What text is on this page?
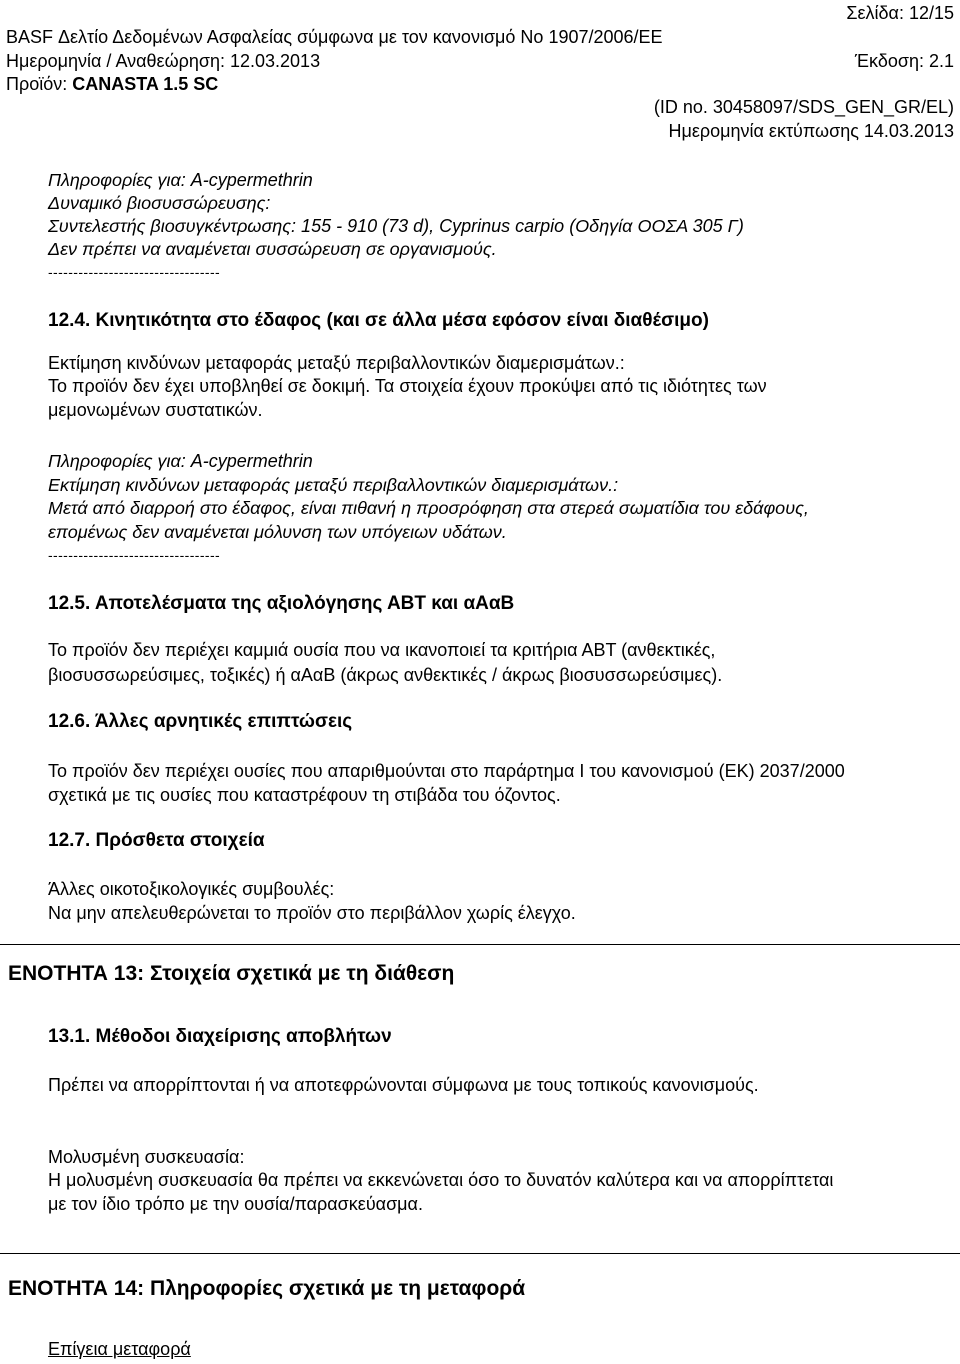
Σελίδα: 12/15
BASF Δελτίο Δεδομένων Ασφαλείας σύμφωνα με τον κανονισμό Νο 1907/2006/ΕΕ
Ημερομηνία / Αναθεώρηση: 12.03.2013	Έκδοση: 2.1
Προϊόν: CANASTA 1.5 SC
(ID no. 30458097/SDS_GEN_GR/EL)
Ημερομηνία εκτύπωσης 14.03.2013
Πληροφορίες για: A-cypermethrin
Δυναμικό βιοσυσσώρευσης:
Συντελεστής βιοσυγκέντρωσης: 155 - 910 (73 d), Cyprinus carpio (Οδηγία ΟΟΣΑ 305 Γ)
Δεν πρέπει να αναμένεται συσσώρευση σε οργανισμούς.
----------------------------------
12.4. Κινητικότητα στο έδαφος (και σε άλλα μέσα εφόσον είναι διαθέσιμο)
Εκτίμηση κινδύνων μεταφοράς μεταξύ περιβαλλοντικών διαμερισμάτων.:
Το προϊόν δεν έχει υποβληθεί σε δοκιμή. Τα στοιχεία έχουν προκύψει από τις ιδιότητες των
μεμονωμένων συστατικών.
Πληροφορίες για: A-cypermethrin
Εκτίμηση κινδύνων μεταφοράς μεταξύ περιβαλλοντικών διαμερισμάτων.:
Μετά από διαρροή στο έδαφος, είναι πιθανή η προσρόφηση στα στερεά σωματίδια του εδάφους,
επομένως δεν αναμένεται μόλυνση των υπόγειων υδάτων.
----------------------------------
12.5. Αποτελέσματα της αξιολόγησης ΑΒΤ και αΑαΒ
Το προϊόν δεν περιέχει καμμιά ουσία που να ικανοποιεί τα κριτήρια ΑΒΤ (ανθεκτικές,
βιοσυσσωρεύσιμες, τοξικές) ή αΑαΒ (άκρως ανθεκτικές / άκρως βιοσυσσωρεύσιμες).
12.6. Άλλες αρνητικές επιπτώσεις
Το προϊόν δεν περιέχει ουσίες που απαριθμούνται στο παράρτημα Ι του κανονισμού (ΕΚ) 2037/2000
σχετικά με τις ουσίες που καταστρέφουν τη στιβάδα του όζοντος.
12.7. Πρόσθετα στοιχεία
Άλλες οικοτοξικολογικές συμβουλές:
Να μην απελευθερώνεται το προϊόν στο περιβάλλον χωρίς έλεγχο.
ΕΝΟΤΗΤΑ 13: Στοιχεία σχετικά με τη διάθεση
13.1. Μέθοδοι διαχείρισης αποβλήτων
Πρέπει να απορρίπτονται ή να αποτεφρώνονται σύμφωνα με τους τοπικούς κανονισμούς.
Μολυσμένη συσκευασία:
Η μολυσμένη συσκευασία θα πρέπει να εκκενώνεται όσο το δυνατόν καλύτερα και να απορρίπτεται
με τον ίδιο τρόπο με την ουσία/παρασκεύασμα.
ΕΝΟΤΗΤΑ 14: Πληροφορίες σχετικά με τη μεταφορά
Επίγεια μεταφορά
